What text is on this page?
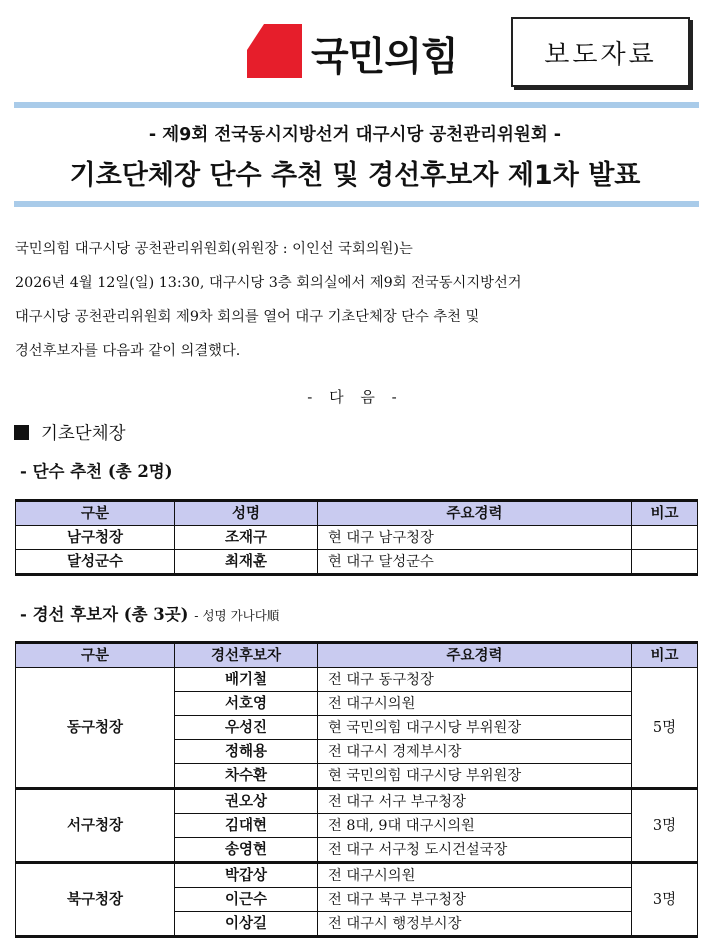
국민의힘	보도자료
- 제9회 전국동시지방선거 대구시당 공천관리위원회 -
기초단체장 단수 추천 및 경선후보자 제1차 발표
국민의힘 대구시당 공천관리위원회(위원장 : 이인선 국회의원)는
2026년 4월 12일(일) 13:30, 대구시당 3층 회의실에서 제9회 전국동시지방선거
대구시당 공천관리위원회 제9차 회의를 열어 대구 기초단체장 단수 추천 및
경선후보자를 다음과 같이 의결했다.
- 다 음 -
기초단체장
- 단수 추천 (총 2명)
구분	성명	주요경력	비고
남구청장	조재구	현 대구 남구청장	
달성군수	최재훈	현 대구 달성군수	
- 경선 후보자 (총 3곳) - 성명 가나다順
구분	경선후보자	주요경력	비고
동구청장	배기철	전 대구 동구청장	5명
	서호영	전 대구시의원	
	우성진	현 국민의힘 대구시당 부위원장	
	정해용	전 대구시 경제부시장	
	차수환	현 국민의힘 대구시당 부위원장	
서구청장	권오상	전 대구 서구 부구청장	3명
	김대현	전 8대, 9대 대구시의원	
	송영현	전 대구 서구청 도시건설국장	
북구청장	박갑상	전 대구시의원	3명
	이근수	전 대구 북구 부구청장	
	이상길	전 대구시 행정부시장	
